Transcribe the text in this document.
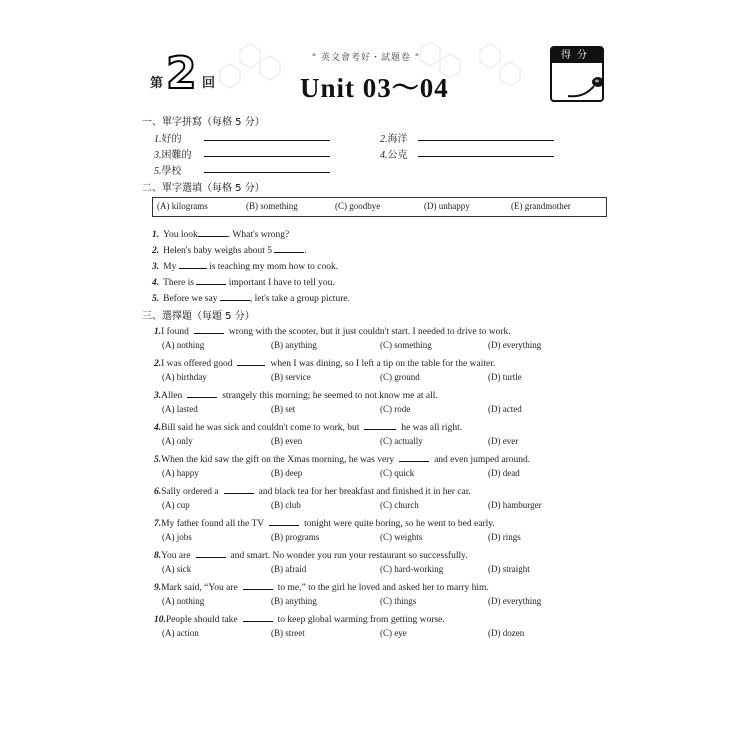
第 2 回
" 英文會考好・試題卷 "
Unit 03～04
得分
一、單字拼寫（每格 5 分）
1.好的	2.海洋
3.困難的	4.公克
5.學校
二、單字選填（每格 5 分）
(A) kilograms	(B) something	(C) goodbye	(D) unhappy	(E) grandmother
1. You look	. What's wrong?
2. Helen's baby weighs about 5	.
3. My	is teaching my mom how to cook.
4. There is	important I have to tell you.
5. Before we say	, let's take a group picture.
三、選擇題（每題 5 分）
1.I found	wrong with the scooter, but it just couldn't start. I needed to drive to work.
(A) nothing	(B) anything	(C) something	(D) everything
2.I was offered good	when I was dining, so I left a tip on the table for the waiter.
(A) birthday	(B) service	(C) ground	(D) turtle
3.Allen	strangely this morning; he seemed to not know me at all.
(A) lasted	(B) set	(C) rode	(D) acted
4.Bill said he was sick and couldn't come to work, but	he was all right.
(A) only	(B) even	(C) actually	(D) ever
5.When the kid saw the gift on the Xmas morning, he was very	and even jumped around.
(A) happy	(B) deep	(C) quick	(D) dead
6.Sally ordered a	and black tea for her breakfast and finished it in her car.
(A) cup	(B) club	(C) church	(D) hamburger
7.My father found all the TV	tonight were quite boring, so he went to bed early.
(A) jobs	(B) programs	(C) weights	(D) rings
8.You are	and smart. No wonder you run your restaurant so successfully.
(A) sick	(B) afraid	(C) hard-working	(D) straight
9.Mark said, “You are	to me,” to the girl he loved and asked her to marry him.
(A) nothing	(B) anything	(C) things	(D) everything
10.People should take	to keep global warming from getting worse.
(A) action	(B) street	(C) eye	(D) dozen
